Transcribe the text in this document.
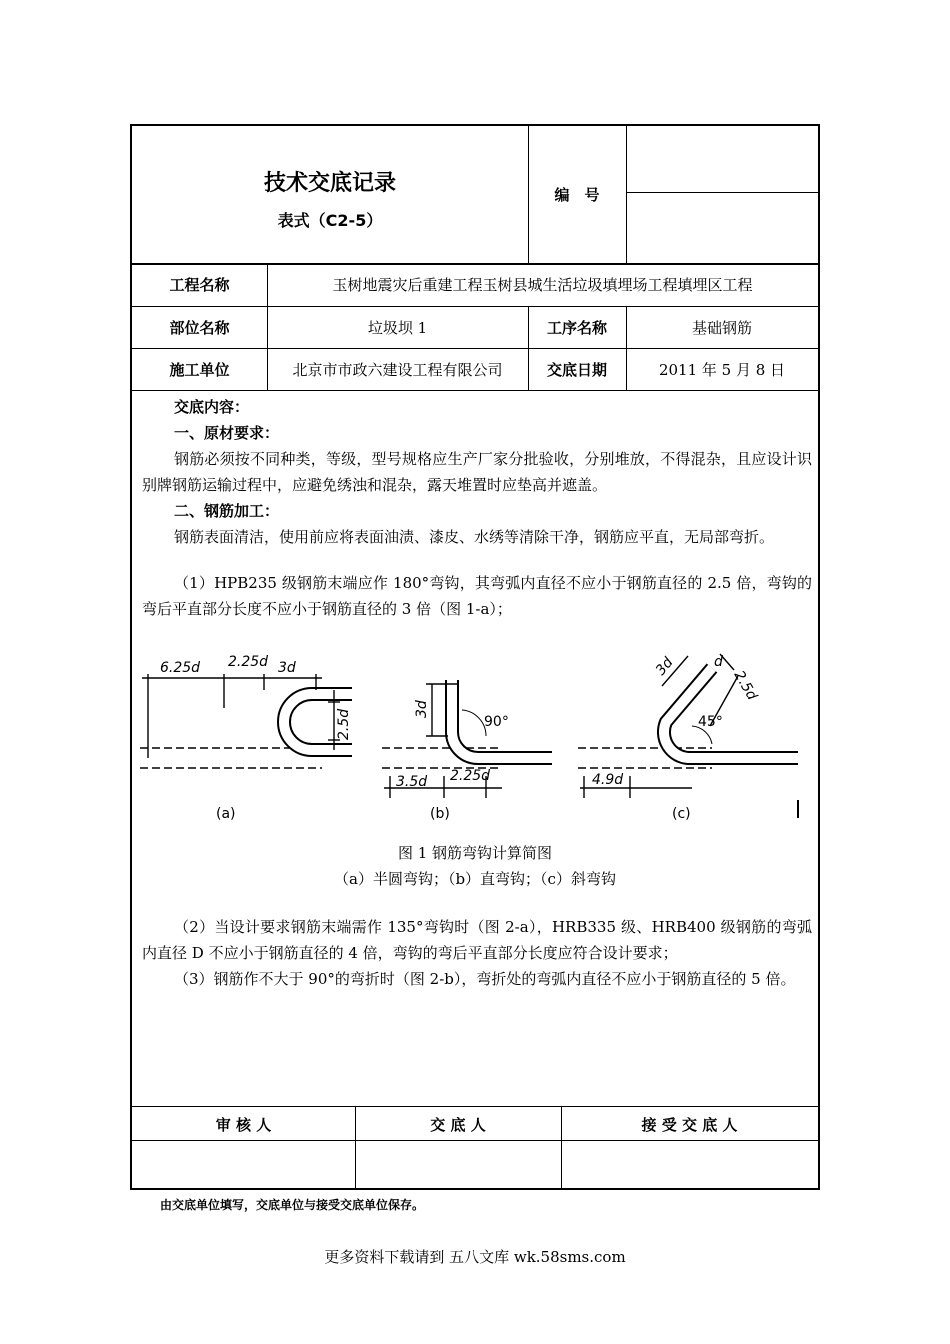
技术交底记录
表式（C2-5）
编　号
工程名称	玉树地震灾后重建工程玉树县城生活垃圾填埋场工程填埋区工程
部位名称	垃圾坝 1	工序名称	基础钢筋
施工单位	北京市市政六建设工程有限公司	交底日期	2011 年 5 月 8 日
交底内容：
一、原材要求：
钢筋必须按不同种类，等级，型号规格应生产厂家分批验收，分别堆放，不得混杂，且应设计识别牌钢筋运输过程中，应避免绣浊和混杂，露天堆置时应垫高并遮盖。
二、钢筋加工：
钢筋表面清洁，使用前应将表面油渍、漆皮、水绣等清除干净，钢筋应平直，无局部弯折。
（1）HPB235 级钢筋末端应作 180°弯钩，其弯弧内直径不应小于钢筋直径的 2.5 倍，弯钩的弯后平直部分长度不应小于钢筋直径的 3 倍（图 1-a）；
6.25d 2.25d 3d
2.5d
(a)
3d
90°
3.5d 2.25d
(b)
3d	d
2.5d
45°
4.9d
(c)
图 1 钢筋弯钩计算简图
（a）半圆弯钩；（b）直弯钩；（c）斜弯钩
（2）当设计要求钢筋末端需作 135°弯钩时（图 2-a），HRB335 级、HRB400 级钢筋的弯弧内直径 D 不应小于钢筋直径的 4 倍，弯钩的弯后平直部分长度应符合设计要求；
（3）钢筋作不大于 90°的弯折时（图 2-b），弯折处的弯弧内直径不应小于钢筋直径的 5 倍。
审 核 人	交 底 人	接 受 交 底 人
由交底单位填写，交底单位与接受交底单位保存。
更多资料下载请到 五八文库 wk.58sms.com
